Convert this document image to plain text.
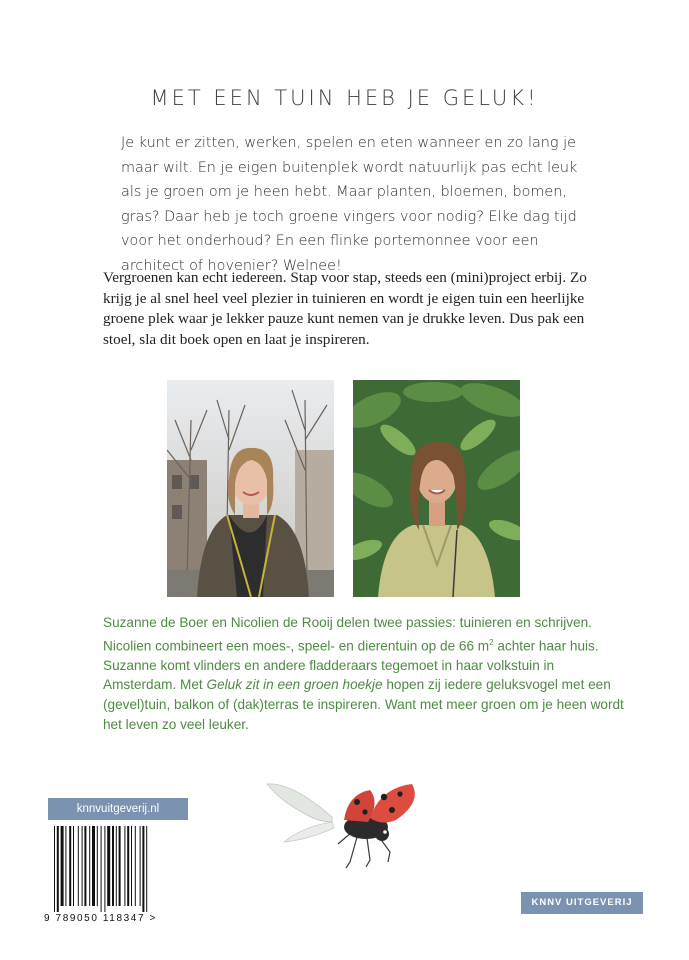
MET EEN TUIN HEB JE GELUK!

Je kunt er zitten, werken, spelen en eten wanneer en zo lang je maar wilt. En je eigen buitenplek wordt natuurlijk pas echt leuk als je groen om je heen hebt. Maar planten, bloemen, bomen, gras? Daar heb je toch groene vingers voor nodig? Elke dag tijd voor het onderhoud? En een flinke portemonnee voor een architect of hovenier? Welnee!

Vergroenen kan echt iedereen. Stap voor stap, steeds een (mini)project erbij. Zo krijg je al snel heel veel plezier in tuinieren en wordt je eigen tuin een heerlijke groene plek waar je lekker pauze kunt nemen van je drukke leven. Dus pak een stoel, sla dit boek open en laat je inspireren.

Suzanne de Boer en Nicolien de Rooij delen twee passies: tuinieren en schrijven. Nicolien combineert een moes-, speel- en dierentuin op de 66 $m^2$ achter haar huis. Suzanne komt vlinders en andere fladderaars tegemoet in haar volkstuin in Amsterdam. Met Geluk zit in een groen hoekje hopen zij iedere geluksvogel met een (gevel)tuin, balkon of (dak)terras te inspireren. Want met meer groen om je heen wordt het leven zo veel leuker.

knnvuitgeverij.nl
9 789050 118347 >
KNNV UITGEVERIJ
